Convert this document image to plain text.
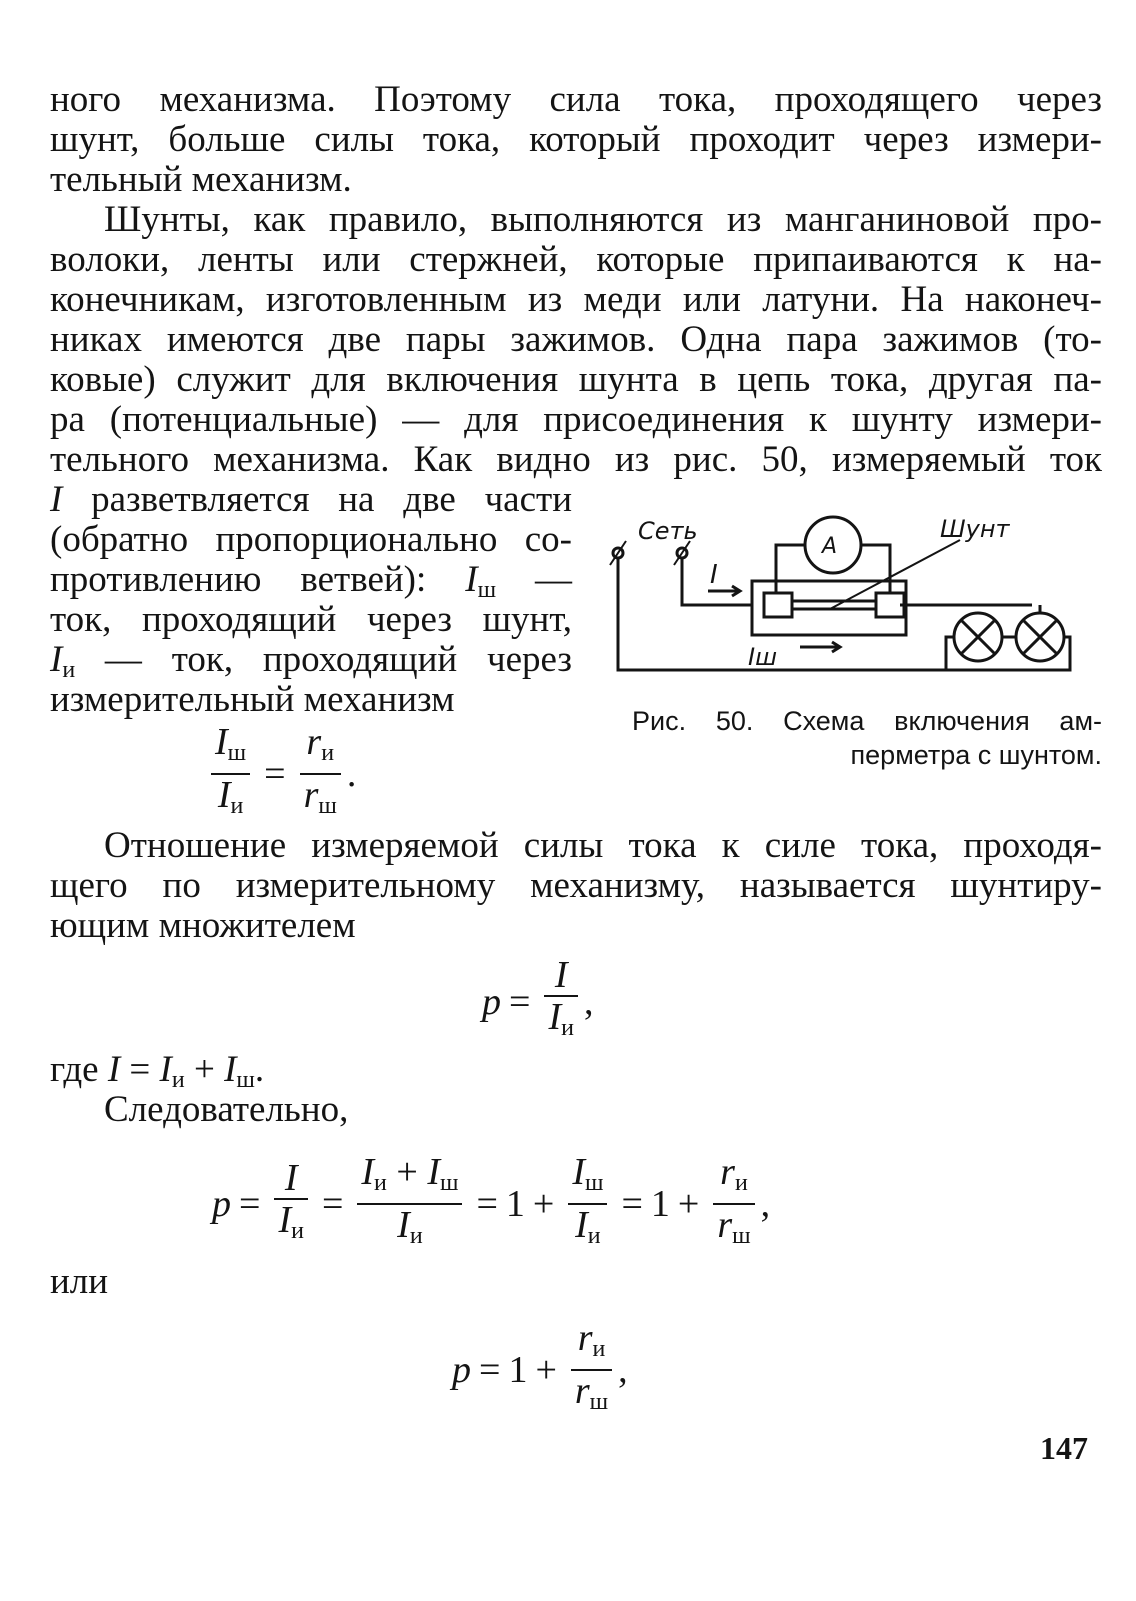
ного механизма. Поэтому сила тока, проходящего через
шунт, больше силы тока, который проходит через измери-
тельный механизм.
Шунты, как правило, выполняются из манганиновой про-
волоки, ленты или стержней, которые припаиваются к на-
конечникам, изготовленным из меди или латуни. На наконеч-
никах имеются две пары зажимов. Одна пара зажимов (то-
ковые) служит для включения шунта в цепь тока, другая па-
ра (потенциальные) — для присоединения к шунту измери-
тельного механизма. Как видно из рис. 50, измеряемый ток
I разветвляется на две части
(обратно пропорционально со-
противлению ветвей): $I_ш$ —
ток, проходящий через шунт,
$I_и$ — ток, проходящий через
измерительный механизм
$\frac{I_ш}{I_и} = \frac{r_и}{r_ш}$ .
Сеть	Шунт
A
I
Iш
Рис. 50. Схема включения ам-
перметра с шунтом.
Отношение измеряемой силы тока к силе тока, проходя-
щего по измерительному механизму, называется шунтиру-
ющим множителем
$p = \frac{I}{I_и}$ ,
где $I = I_и + I_ш$.
Следовательно,
$p = \frac{I}{I_и} = \frac{I_и + I_ш}{I_и} = 1 + \frac{I_ш}{I_и} = 1 + \frac{r_и}{r_ш}$ ,
или
$p = 1 + \frac{r_и}{r_ш}$ ,
147
